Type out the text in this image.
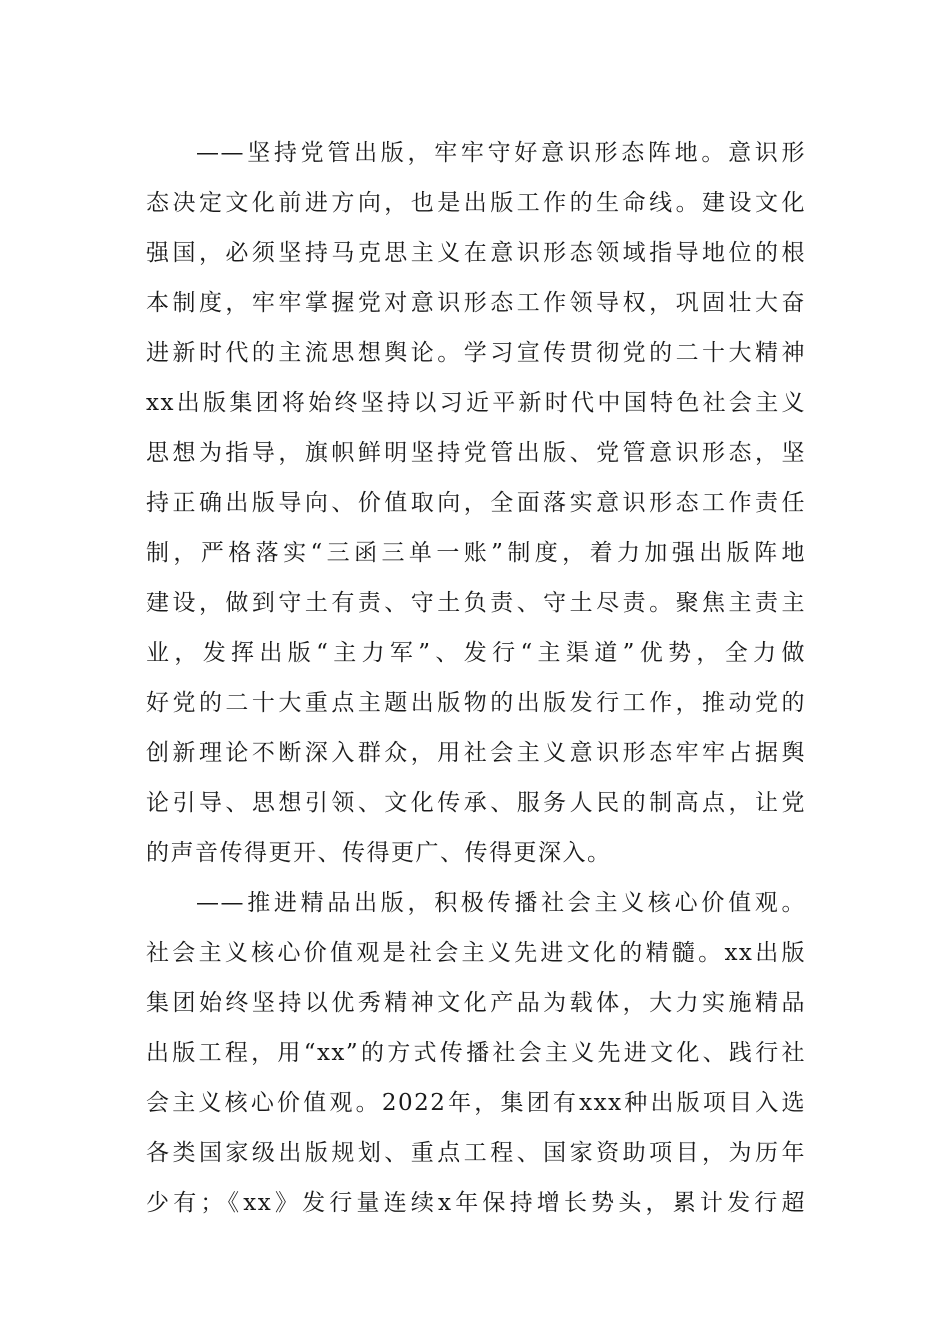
——坚持党管出版，牢牢守好意识形态阵地。意识形
态决定文化前进方向，也是出版工作的生命线。建设文化
强国，必须坚持马克思主义在意识形态领域指导地位的根
本制度，牢牢掌握党对意识形态工作领导权，巩固壮大奋
进新时代的主流思想舆论。学习宣传贯彻党的二十大精神
xx出版集团将始终坚持以习近平新时代中国特色社会主义
思想为指导，旗帜鲜明坚持党管出版、党管意识形态，坚
持正确出版导向、价值取向，全面落实意识形态工作责任
制，严格落实“三函三单一账”制度，着力加强出版阵地
建设，做到守土有责、守土负责、守土尽责。聚焦主责主
业，发挥出版“主力军”、发行“主渠道”优势，全力做
好党的二十大重点主题出版物的出版发行工作，推动党的
创新理论不断深入群众，用社会主义意识形态牢牢占据舆
论引导、思想引领、文化传承、服务人民的制高点，让党
的声音传得更开、传得更广、传得更深入。
——推进精品出版，积极传播社会主义核心价值观。
社会主义核心价值观是社会主义先进文化的精髓。xx出版
集团始终坚持以优秀精神文化产品为载体，大力实施精品
出版工程，用“xx”的方式传播社会主义先进文化、践行社
会主义核心价值观。2022年，集团有xxx种出版项目入选
各类国家级出版规划、重点工程、国家资助项目，为历年
少有；《xx》发行量连续x年保持增长势头，累计发行超
